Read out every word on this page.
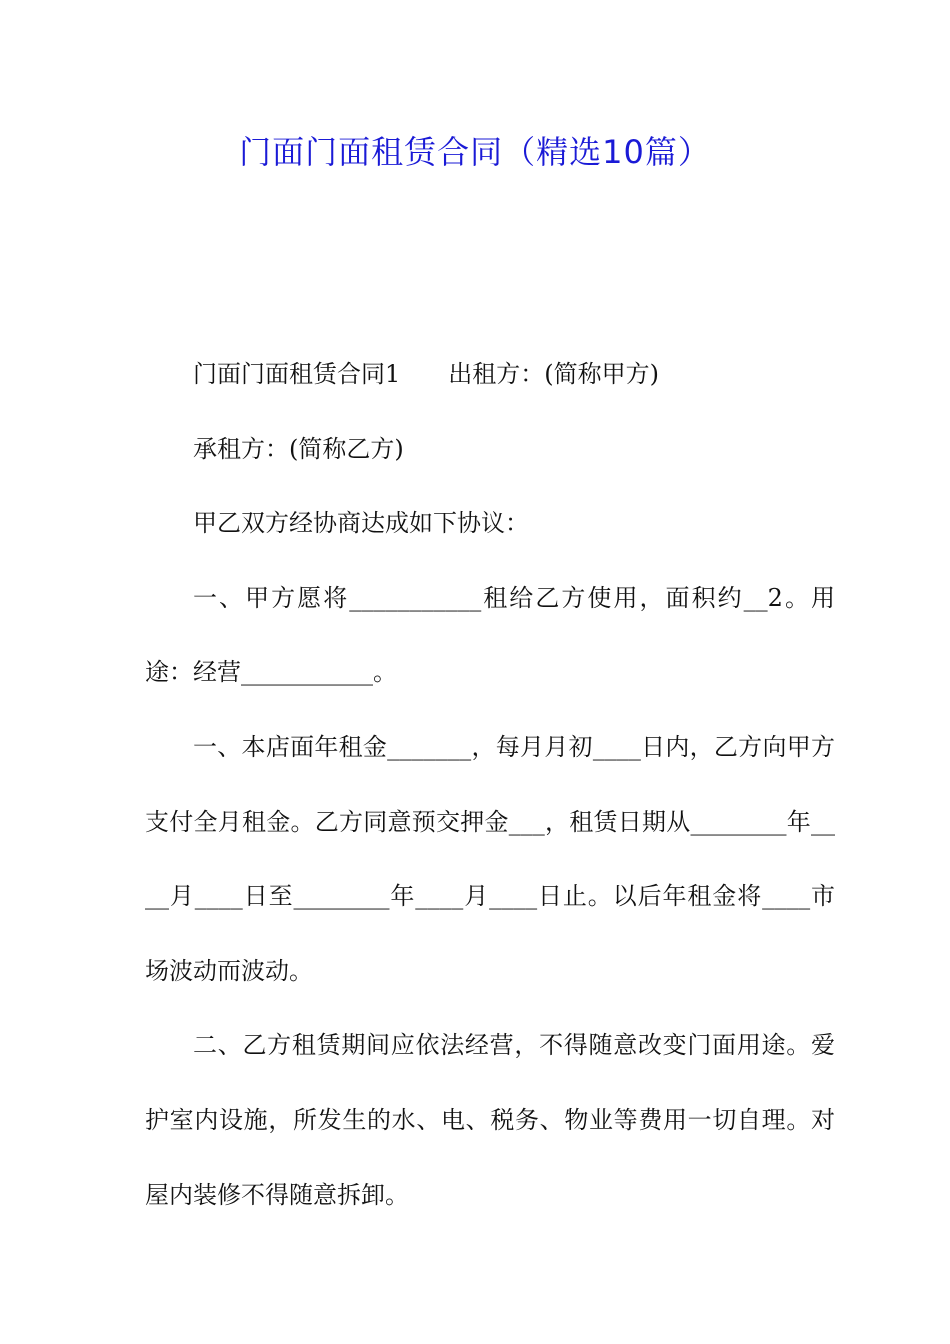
门面门面租赁合同（精选10篇）

门面门面租赁合同1 出租方：(简称甲方)

承租方：(简称乙方)

甲乙双方经协商达成如下协议：

一、甲方愿将___________租给乙方使用，面积约__2。用途：经营___________。

一、本店面年租金_______，每月月初____日内，乙方向甲方支付全月租金。乙方同意预交押金___，租赁日期从________年____月____日至________年____月____日止。以后年租金将____市场波动而波动。

二、乙方租赁期间应依法经营，不得随意改变门面用途。爱护室内设施，所发生的水、电、税务、物业等费用一切自理。对屋内装修不得随意拆卸。
